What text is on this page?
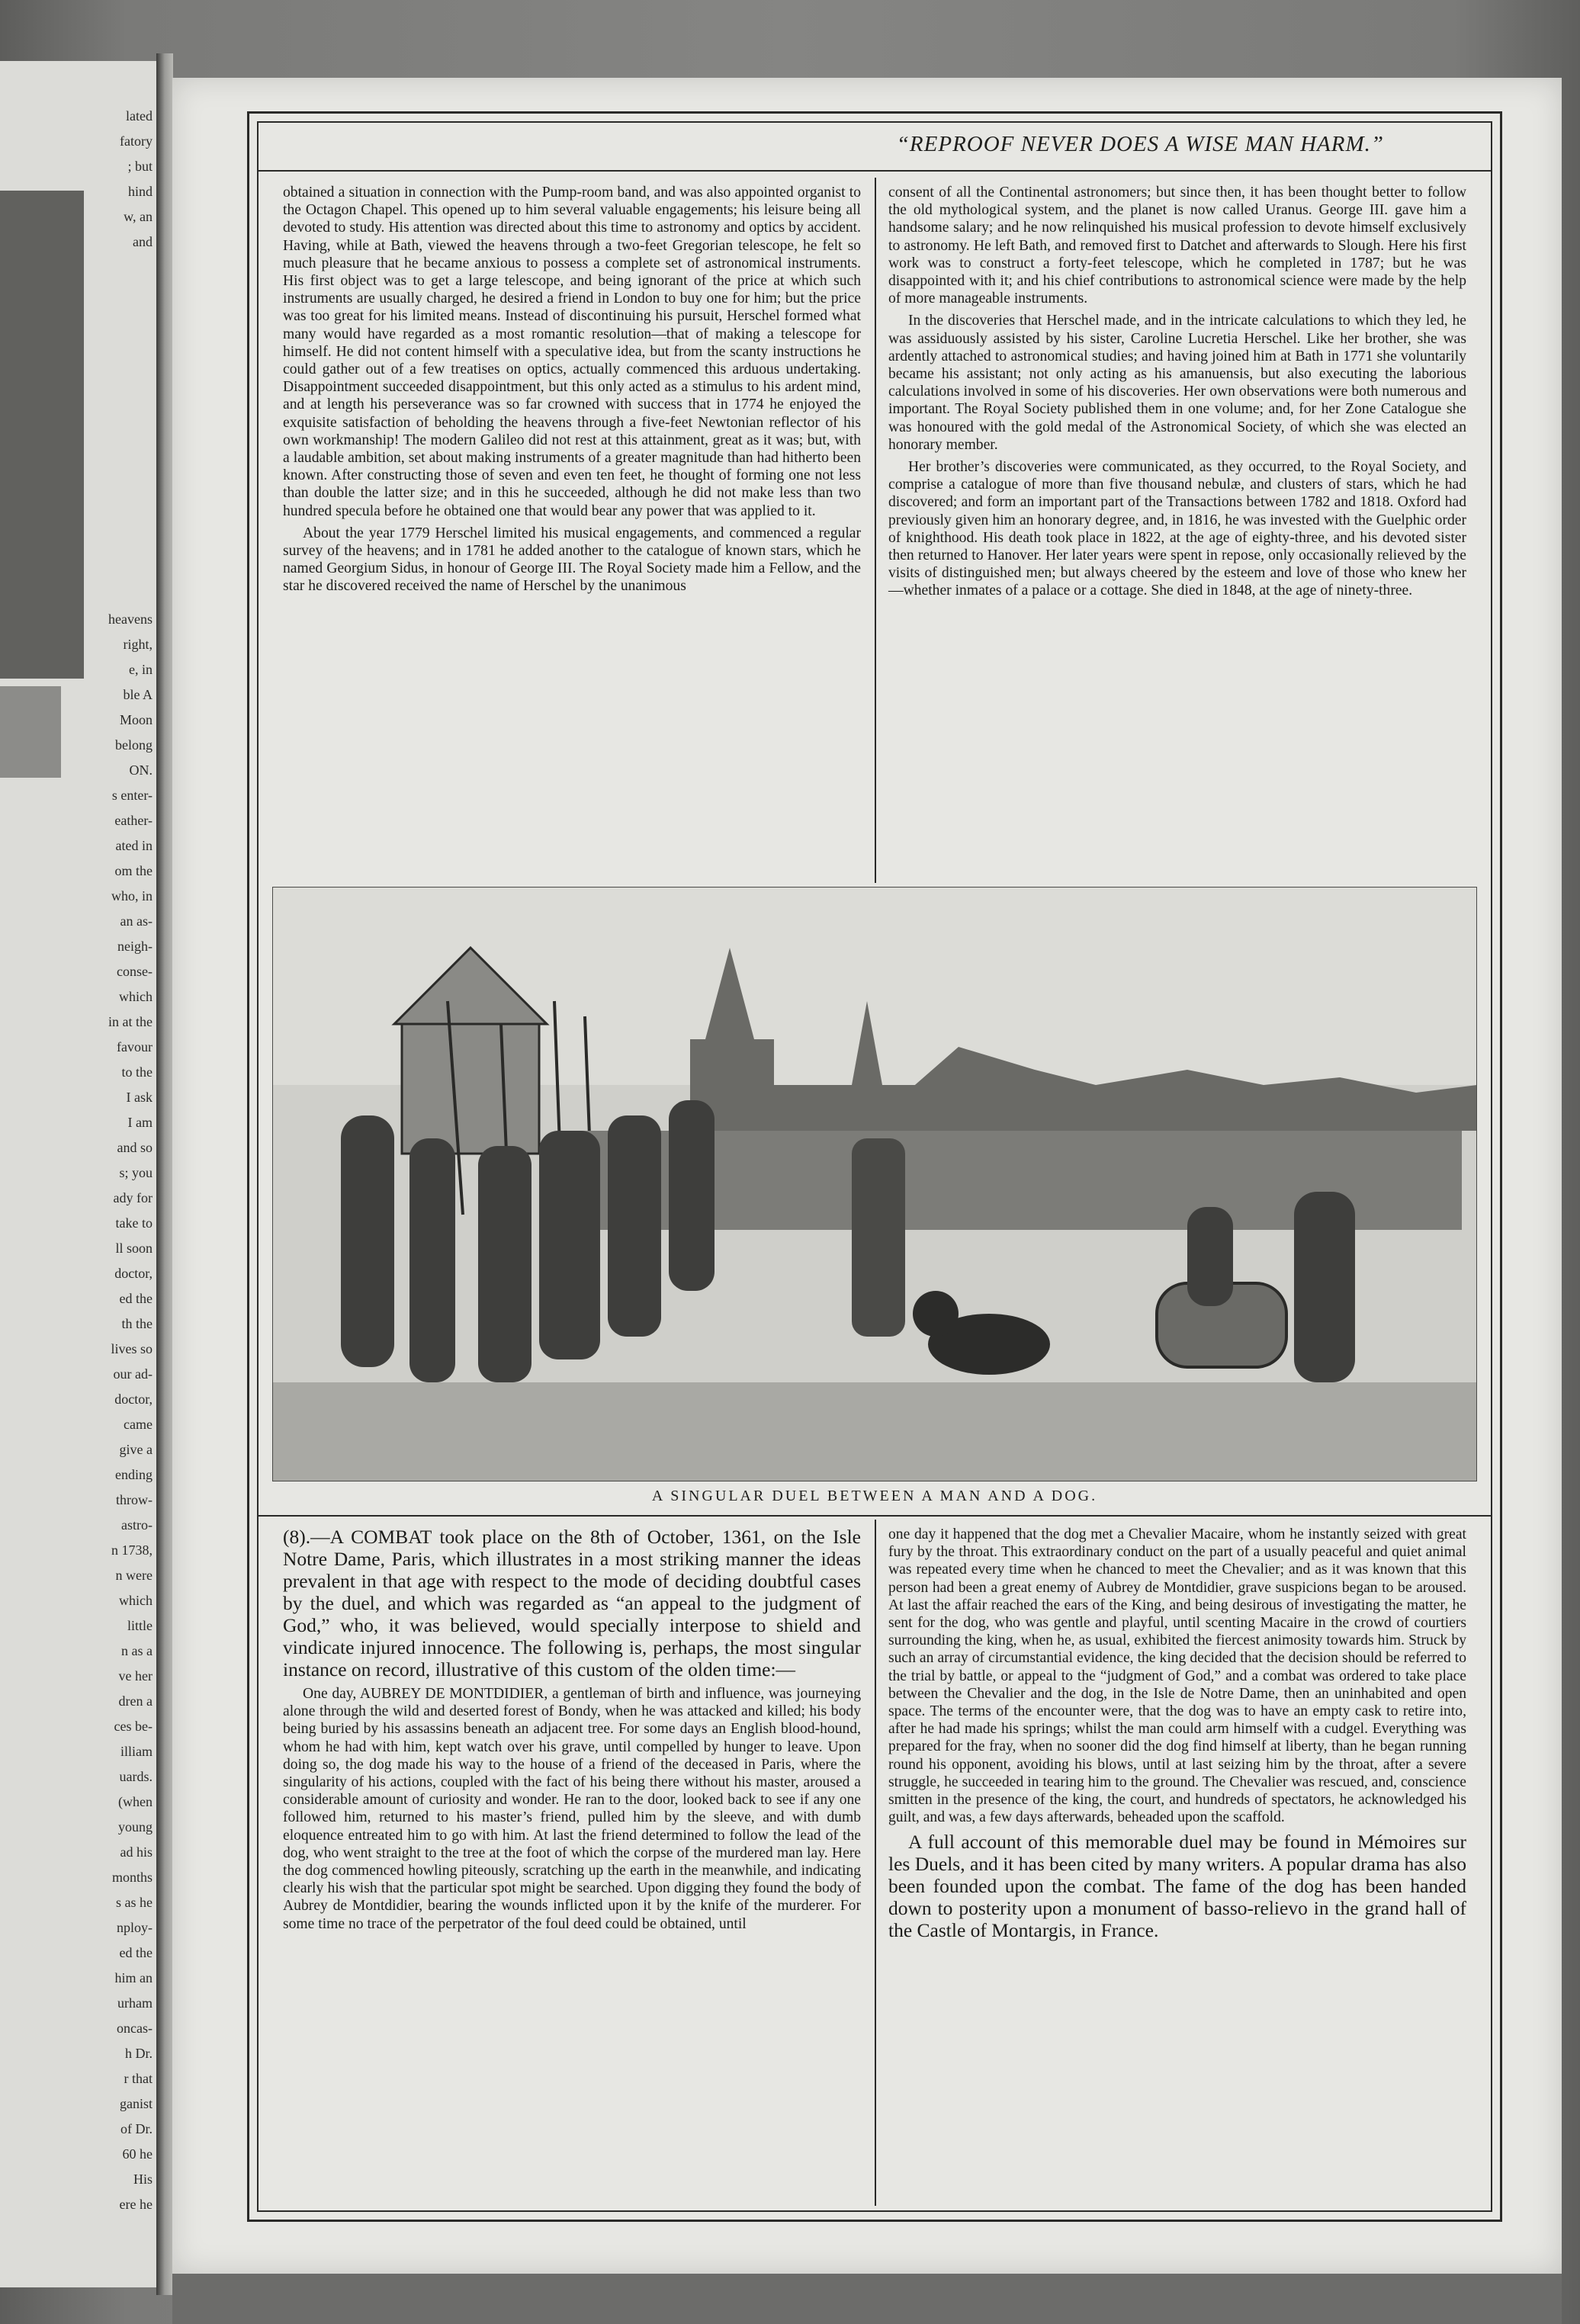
lated
fatory
; but
hind
w, an
and
heavens
right,
e, in
ble A
Moon
belong
ON.
s enter-
eather-
ated in
om the
who, in
an as-
neigh-
conse-
which
in at the
favour
to the
I ask
I am
and so
s; you
ady for
take to
ll soon
doctor,
ed the
th the
lives so
our ad-
doctor,
came
give a
ending
throw-
astro-
n 1738,
n were
which
little
n as a
ve her
dren a
ces be-
illiam
uards.
(when
young
ad his
months
s as he
nploy-
ed the
him an
urham
oncas-
h Dr.
r that
ganist
of Dr.
60 he
His
ere he
“REPROOF NEVER DOES A WISE MAN HARM.”

obtained a situation in connection with the Pump-room band, and was also appointed organist to the Octagon Chapel. This opened up to him several valuable engagements; his leisure being all devoted to study. His attention was directed about this time to astronomy and optics by accident. Having, while at Bath, viewed the heavens through a two-feet Gregorian telescope, he felt so much pleasure that he became anxious to possess a complete set of astronomical instruments. His first object was to get a large telescope, and being ignorant of the price at which such instruments are usually charged, he desired a friend in London to buy one for him; but the price was too great for his limited means. Instead of discontinuing his pursuit, Herschel formed what many would have regarded as a most romantic resolution—that of making a telescope for himself. He did not content himself with a speculative idea, but from the scanty instructions he could gather out of a few treatises on optics, actually commenced this arduous undertaking. Disappointment succeeded disappointment, but this only acted as a stimulus to his ardent mind, and at length his perseverance was so far crowned with success that in 1774 he enjoyed the exquisite satisfaction of beholding the heavens through a five-feet Newtonian reflector of his own workmanship! The modern Galileo did not rest at this attainment, great as it was; but, with a laudable ambition, set about making instruments of a greater magnitude than had hitherto been known. After constructing those of seven and even ten feet, he thought of forming one not less than double the latter size; and in this he succeeded, although he did not make less than two hundred specula before he obtained one that would bear any power that was applied to it.

About the year 1779 Herschel limited his musical engagements, and commenced a regular survey of the heavens; and in 1781 he added another to the catalogue of known stars, which he named Georgium Sidus, in honour of George III. The Royal Society made him a Fellow, and the star he discovered received the name of Herschel by the unanimous

consent of all the Continental astronomers; but since then, it has been thought better to follow the old mythological system, and the planet is now called Uranus. George III. gave him a handsome salary; and he now relinquished his musical profession to devote himself exclusively to astronomy. He left Bath, and removed first to Datchet and afterwards to Slough. Here his first work was to construct a forty-feet telescope, which he completed in 1787; but he was disappointed with it; and his chief contributions to astronomical science were made by the help of more manageable instruments.

In the discoveries that Herschel made, and in the intricate calculations to which they led, he was assiduously assisted by his sister, Caroline Lucretia Herschel. Like her brother, she was ardently attached to astronomical studies; and having joined him at Bath in 1771 she voluntarily became his assistant; not only acting as his amanuensis, but also executing the laborious calculations involved in some of his discoveries. Her own observations were both numerous and important. The Royal Society published them in one volume; and, for her Zone Catalogue she was honoured with the gold medal of the Astronomical Society, of which she was elected an honorary member.

Her brother’s discoveries were communicated, as they occurred, to the Royal Society, and comprise a catalogue of more than five thousand nebulæ, and clusters of stars, which he had discovered; and form an important part of the Transactions between 1782 and 1818. Oxford had previously given him an honorary degree, and, in 1816, he was invested with the Guelphic order of knighthood. His death took place in 1822, at the age of eighty-three, and his devoted sister then returned to Hanover. Her later years were spent in repose, only occasionally relieved by the visits of distinguished men; but always cheered by the esteem and love of those who knew her—whether inmates of a palace or a cottage. She died in 1848, at the age of ninety-three.

A SINGULAR DUEL BETWEEN A MAN AND A DOG.

(8).—A COMBAT took place on the 8th of October, 1361, on the Isle Notre Dame, Paris, which illustrates in a most striking manner the ideas prevalent in that age with respect to the mode of deciding doubtful cases by the duel, and which was regarded as “an appeal to the judgment of God,” who, it was believed, would specially interpose to shield and vindicate injured innocence. The following is, perhaps, the most singular instance on record, illustrative of this custom of the olden time:—

One day, AUBREY DE MONTDIDIER, a gentleman of birth and influence, was journeying alone through the wild and deserted forest of Bondy, when he was attacked and killed; his body being buried by his assassins beneath an adjacent tree. For some days an English blood-hound, whom he had with him, kept watch over his grave, until compelled by hunger to leave. Upon doing so, the dog made his way to the house of a friend of the deceased in Paris, where the singularity of his actions, coupled with the fact of his being there without his master, aroused a considerable amount of curiosity and wonder. He ran to the door, looked back to see if any one followed him, returned to his master’s friend, pulled him by the sleeve, and with dumb eloquence entreated him to go with him. At last the friend determined to follow the lead of the dog, who went straight to the tree at the foot of which the corpse of the murdered man lay. Here the dog commenced howling piteously, scratching up the earth in the meanwhile, and indicating clearly his wish that the particular spot might be searched. Upon digging they found the body of Aubrey de Montdidier, bearing the wounds inflicted upon it by the knife of the murderer. For some time no trace of the perpetrator of the foul deed could be obtained, until

one day it happened that the dog met a Chevalier Macaire, whom he instantly seized with great fury by the throat. This extraordinary conduct on the part of a usually peaceful and quiet animal was repeated every time when he chanced to meet the Chevalier; and as it was known that this person had been a great enemy of Aubrey de Montdidier, grave suspicions began to be aroused. At last the affair reached the ears of the King, and being desirous of investigating the matter, he sent for the dog, who was gentle and playful, until scenting Macaire in the crowd of courtiers surrounding the king, when he, as usual, exhibited the fiercest animosity towards him. Struck by such an array of circumstantial evidence, the king decided that the decision should be referred to the trial by battle, or appeal to the “judgment of God,” and a combat was ordered to take place between the Chevalier and the dog, in the Isle de Notre Dame, then an uninhabited and open space. The terms of the encounter were, that the dog was to have an empty cask to retire into, after he had made his springs; whilst the man could arm himself with a cudgel. Everything was prepared for the fray, when no sooner did the dog find himself at liberty, than he began running round his opponent, avoiding his blows, until at last seizing him by the throat, after a severe struggle, he succeeded in tearing him to the ground. The Chevalier was rescued, and, conscience smitten in the presence of the king, the court, and hundreds of spectators, he acknowledged his guilt, and was, a few days afterwards, beheaded upon the scaffold.

A full account of this memorable duel may be found in Mémoires sur les Duels, and it has been cited by many writers. A popular drama has also been founded upon the combat. The fame of the dog has been handed down to posterity upon a monument of basso-relievo in the grand hall of the Castle of Montargis, in France.
